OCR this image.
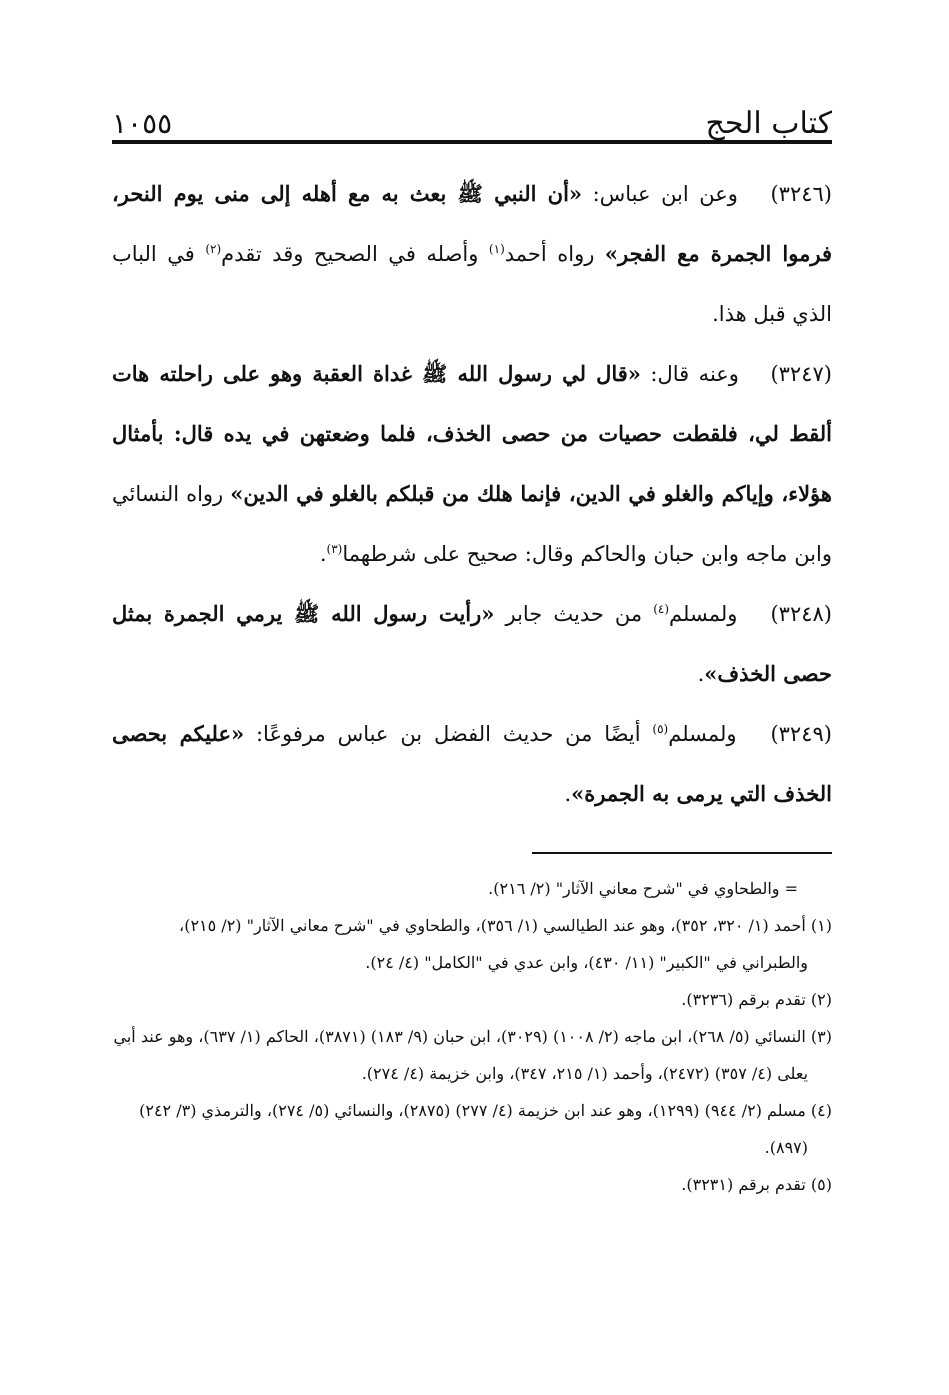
كتاب الحج
١٠٥٥

(٣٢٤٦) وعن ابن عباس: «أن النبي ﷺ بعث به مع أهله إلى منى يوم النحر، فرموا الجمرة مع الفجر» رواه أحمد$^{(١)}$ وأصله في الصحيح وقد تقدم$^{(٢)}$ في الباب الذي قبل هذا.

(٣٢٤٧) وعنه قال: «قال لي رسول الله ﷺ غداة العقبة وهو على راحلته هات ألقط لي، فلقطت حصيات من حصى الخذف، فلما وضعتهن في يده قال: بأمثال هؤلاء، وإياكم والغلو في الدين، فإنما هلك من قبلكم بالغلو في الدين» رواه النسائي وابن ماجه وابن حبان والحاكم وقال: صحيح على شرطهما$^{(٣)}$.

(٣٢٤٨) ولمسلم$^{(٤)}$ من حديث جابر «رأيت رسول الله ﷺ يرمي الجمرة بمثل حصى الخذف».

(٣٢٤٩) ولمسلم$^{(٥)}$ أيضًا من حديث الفضل بن عباس مرفوعًا: «عليكم بحصى الخذف التي يرمى به الجمرة».

= والطحاوي في "شرح معاني الآثار" (٢/ ٢١٦).

(١) أحمد (١/ ٣٢٠، ٣٥٢)، وهو عند الطيالسي (١/ ٣٥٦)، والطحاوي في "شرح معاني الآثار" (٢/ ٢١٥)، والطبراني في "الكبير" (١١/ ٤٣٠)، وابن عدي في "الكامل" (٤/ ٢٤).

(٢) تقدم برقم (٣٢٣٦).

(٣) النسائي (٥/ ٢٦٨)، ابن ماجه (٢/ ١٠٠٨) (٣٠٢٩)، ابن حبان (٩/ ١٨٣) (٣٨٧١)، الحاكم (١/ ٦٣٧)، وهو عند أبي يعلى (٤/ ٣٥٧) (٢٤٧٢)، وأحمد (١/ ٢١٥، ٣٤٧)، وابن خزيمة (٤/ ٢٧٤).

(٤) مسلم (٢/ ٩٤٤) (١٢٩٩)، وهو عند ابن خزيمة (٤/ ٢٧٧) (٢٨٧٥)، والنسائي (٥/ ٢٧٤)، والترمذي (٣/ ٢٤٢) (٨٩٧).

(٥) تقدم برقم (٣٢٣١).
